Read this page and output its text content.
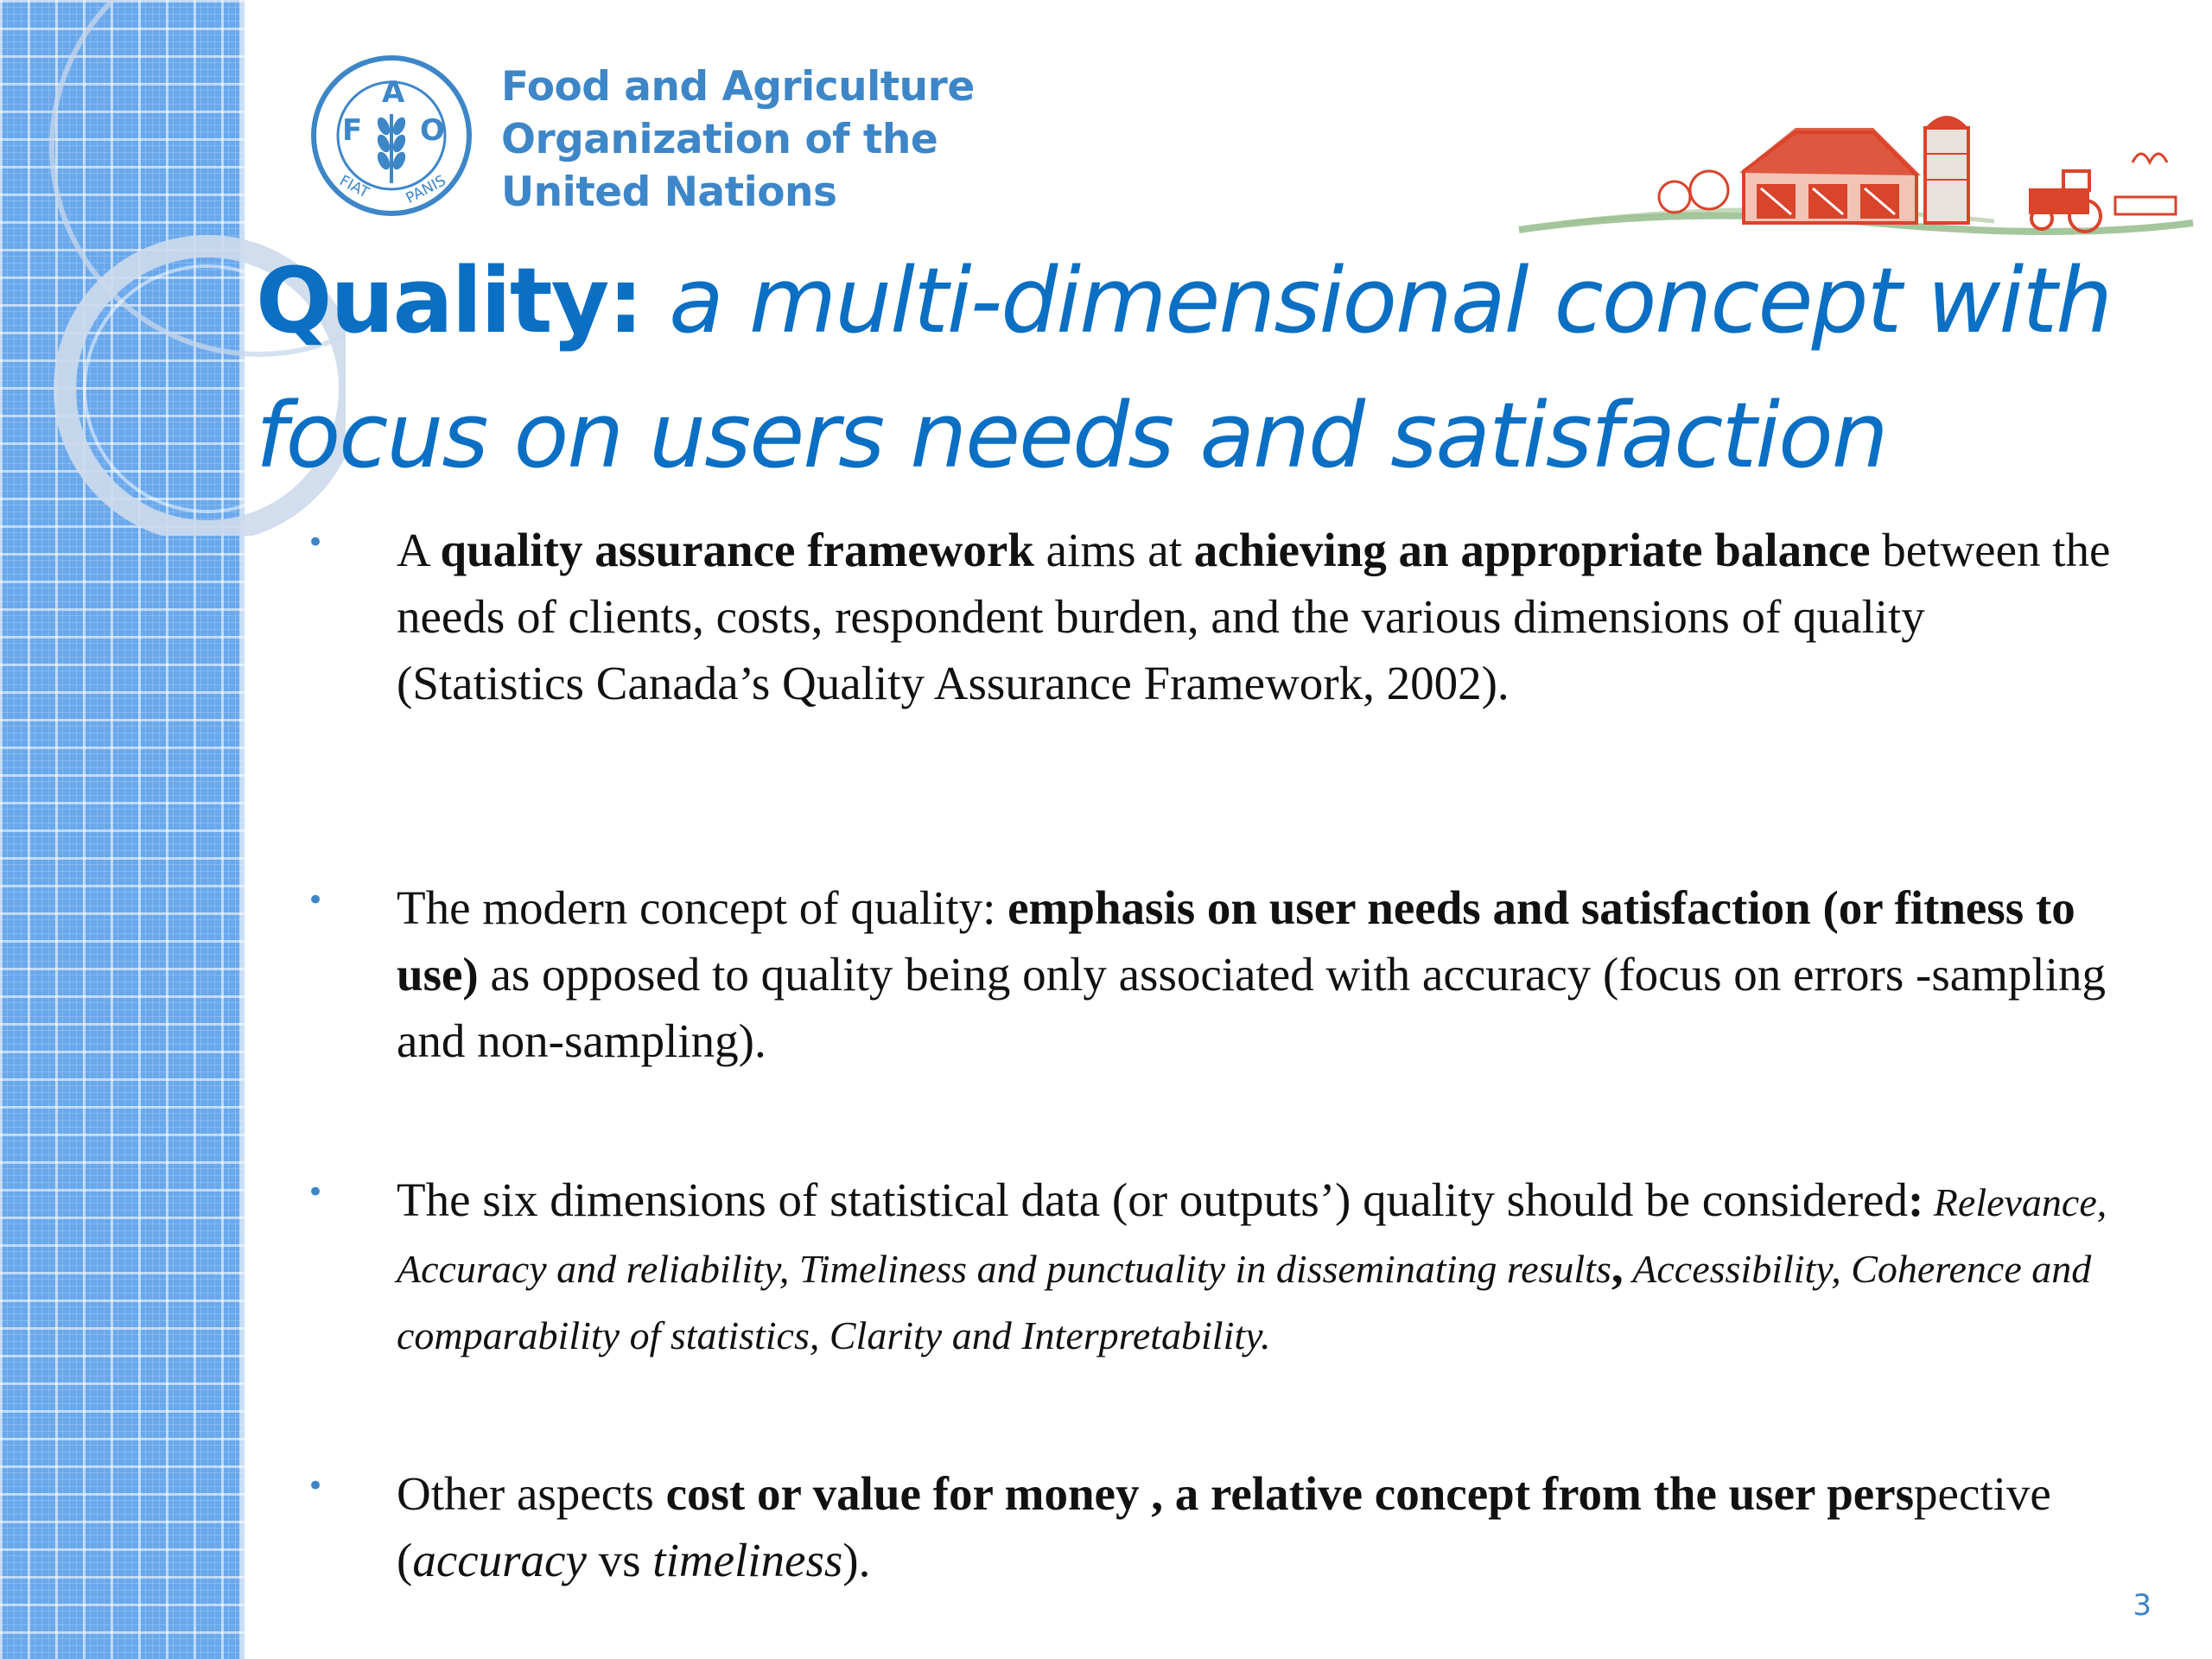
F
A
O
FIAT PANIS
Food and Agriculture
Organization of the
United Nations
Quality: a multi-dimensional concept with
focus on users needs and satisfaction
• A quality assurance framework aims at achieving an appropriate balance between the needs of clients, costs, respondent burden, and the various dimensions of quality (Statistics Canada’s Quality Assurance Framework, 2002).
• The modern concept of quality: emphasis on user needs and satisfaction (or fitness to use) as opposed to quality being only associated with accuracy (focus on errors -sampling and non-sampling).
• The six dimensions of statistical data (or outputs’) quality should be considered: Relevance, Accuracy and reliability, Timeliness and punctuality in disseminating results, Accessibility, Coherence and comparability of statistics, Clarity and Interpretability.
• Other aspects cost or value for money , a relative concept from the user perspective (accuracy vs timeliness).
3
